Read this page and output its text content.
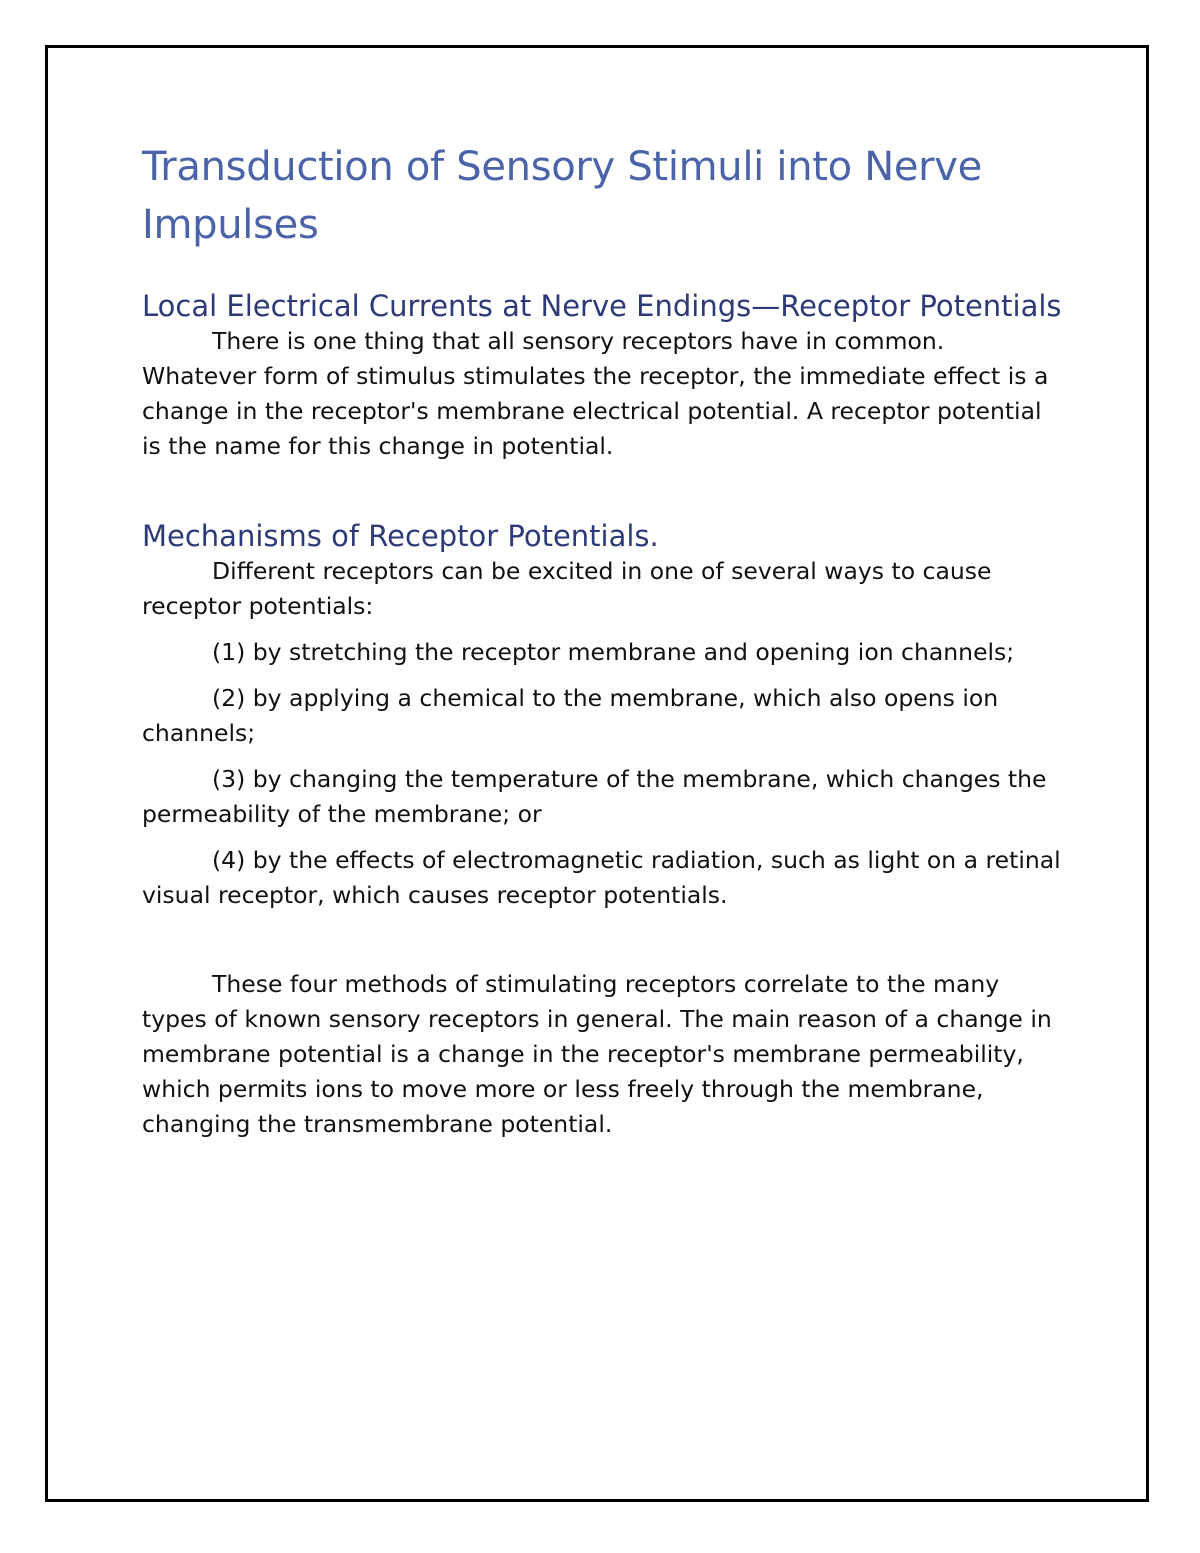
Transduction of Sensory Stimuli into Nerve Impulses
Local Electrical Currents at Nerve Endings—Receptor Potentials

There is one thing that all sensory receptors have in common. Whatever form of stimulus stimulates the receptor, the immediate effect is a change in the receptor's membrane electrical potential. A receptor potential is the name for this change in potential.

Mechanisms of Receptor Potentials.

Different receptors can be excited in one of several ways to cause receptor potentials:

(1) by stretching the receptor membrane and opening ion channels;

(2) by applying a chemical to the membrane, which also opens ion channels;

(3) by changing the temperature of the membrane, which changes the permeability of the membrane; or

(4) by the effects of electromagnetic radiation, such as light on a retinal visual receptor, which causes receptor potentials.

These four methods of stimulating receptors correlate to the many types of known sensory receptors in general. The main reason of a change in membrane potential is a change in the receptor's membrane permeability, which permits ions to move more or less freely through the membrane, changing the transmembrane potential.
